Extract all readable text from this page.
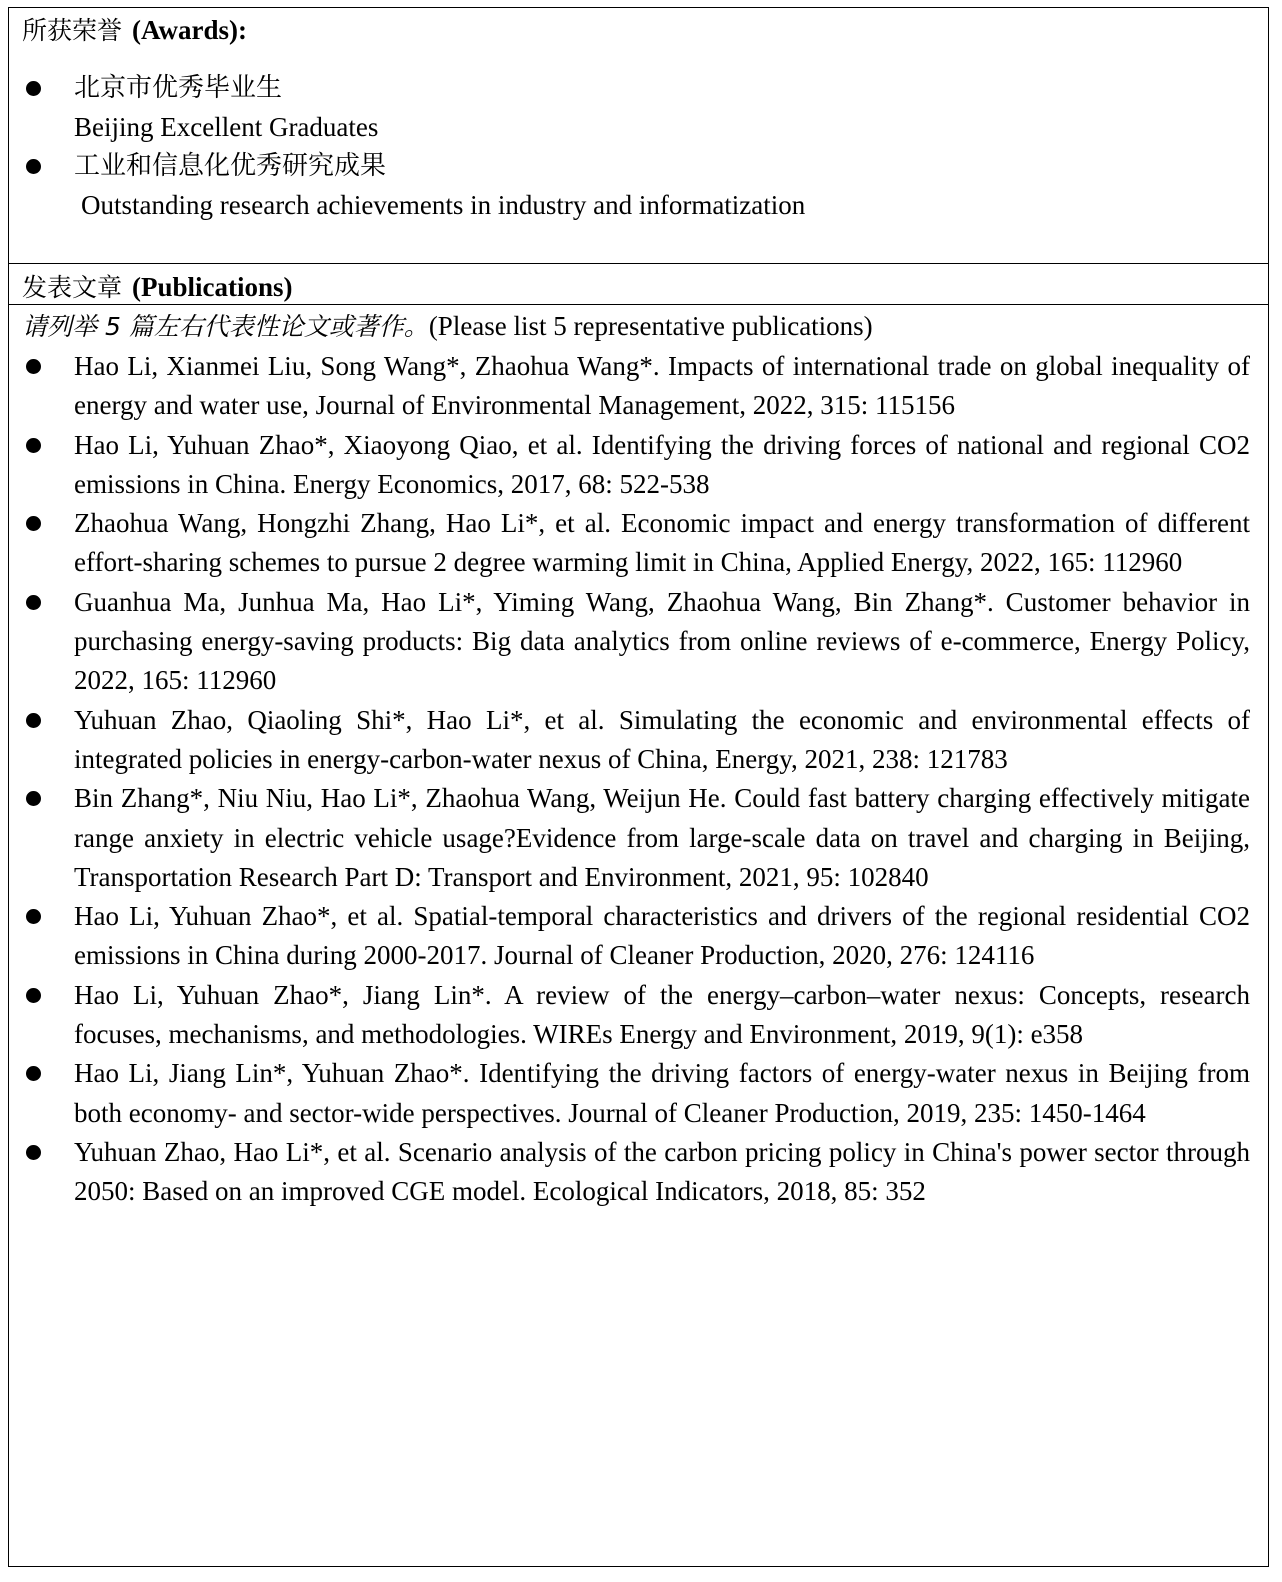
所获荣誉 (Awards):
北京市优秀毕业生
Beijing Excellent Graduates
工业和信息化优秀研究成果
Outstanding research achievements in industry and informatization
发表文章 (Publications)
请列举 5 篇左右代表性论文或著作。(Please list 5 representative publications)
Hao Li, Xianmei Liu, Song Wang*, Zhaohua Wang*. Impacts of international trade on global inequality of energy and water use, Journal of Environmental Management, 2022, 315: 115156
Hao Li, Yuhuan Zhao*, Xiaoyong Qiao, et al. Identifying the driving forces of national and regional CO2 emissions in China. Energy Economics, 2017, 68: 522-538
Zhaohua Wang, Hongzhi Zhang, Hao Li*, et al. Economic impact and energy transformation of different effort-sharing schemes to pursue 2 degree warming limit in China, Applied Energy, 2022, 165: 112960
Guanhua Ma, Junhua Ma, Hao Li*, Yiming Wang, Zhaohua Wang, Bin Zhang*. Customer behavior in purchasing energy-saving products: Big data analytics from online reviews of e-commerce, Energy Policy, 2022, 165: 112960
Yuhuan Zhao, Qiaoling Shi*, Hao Li*, et al. Simulating the economic and environmental effects of integrated policies in energy-carbon-water nexus of China, Energy, 2021, 238: 121783
Bin Zhang*, Niu Niu, Hao Li*, Zhaohua Wang, Weijun He. Could fast battery charging effectively mitigate range anxiety in electric vehicle usage?Evidence from large-scale data on travel and charging in Beijing, Transportation Research Part D: Transport and Environment, 2021, 95: 102840
Hao Li, Yuhuan Zhao*, et al. Spatial-temporal characteristics and drivers of the regional residential CO2 emissions in China during 2000-2017. Journal of Cleaner Production, 2020, 276: 124116
Hao Li, Yuhuan Zhao*, Jiang Lin*. A review of the energy–carbon–water nexus: Concepts, research focuses, mechanisms, and methodologies. WIREs Energy and Environment, 2019, 9(1): e358
Hao Li, Jiang Lin*, Yuhuan Zhao*. Identifying the driving factors of energy-water nexus in Beijing from both economy- and sector-wide perspectives. Journal of Cleaner Production, 2019, 235: 1450-1464
Yuhuan Zhao, Hao Li*, et al. Scenario analysis of the carbon pricing policy in China's power sector through 2050: Based on an improved CGE model. Ecological Indicators, 2018, 85: 352
